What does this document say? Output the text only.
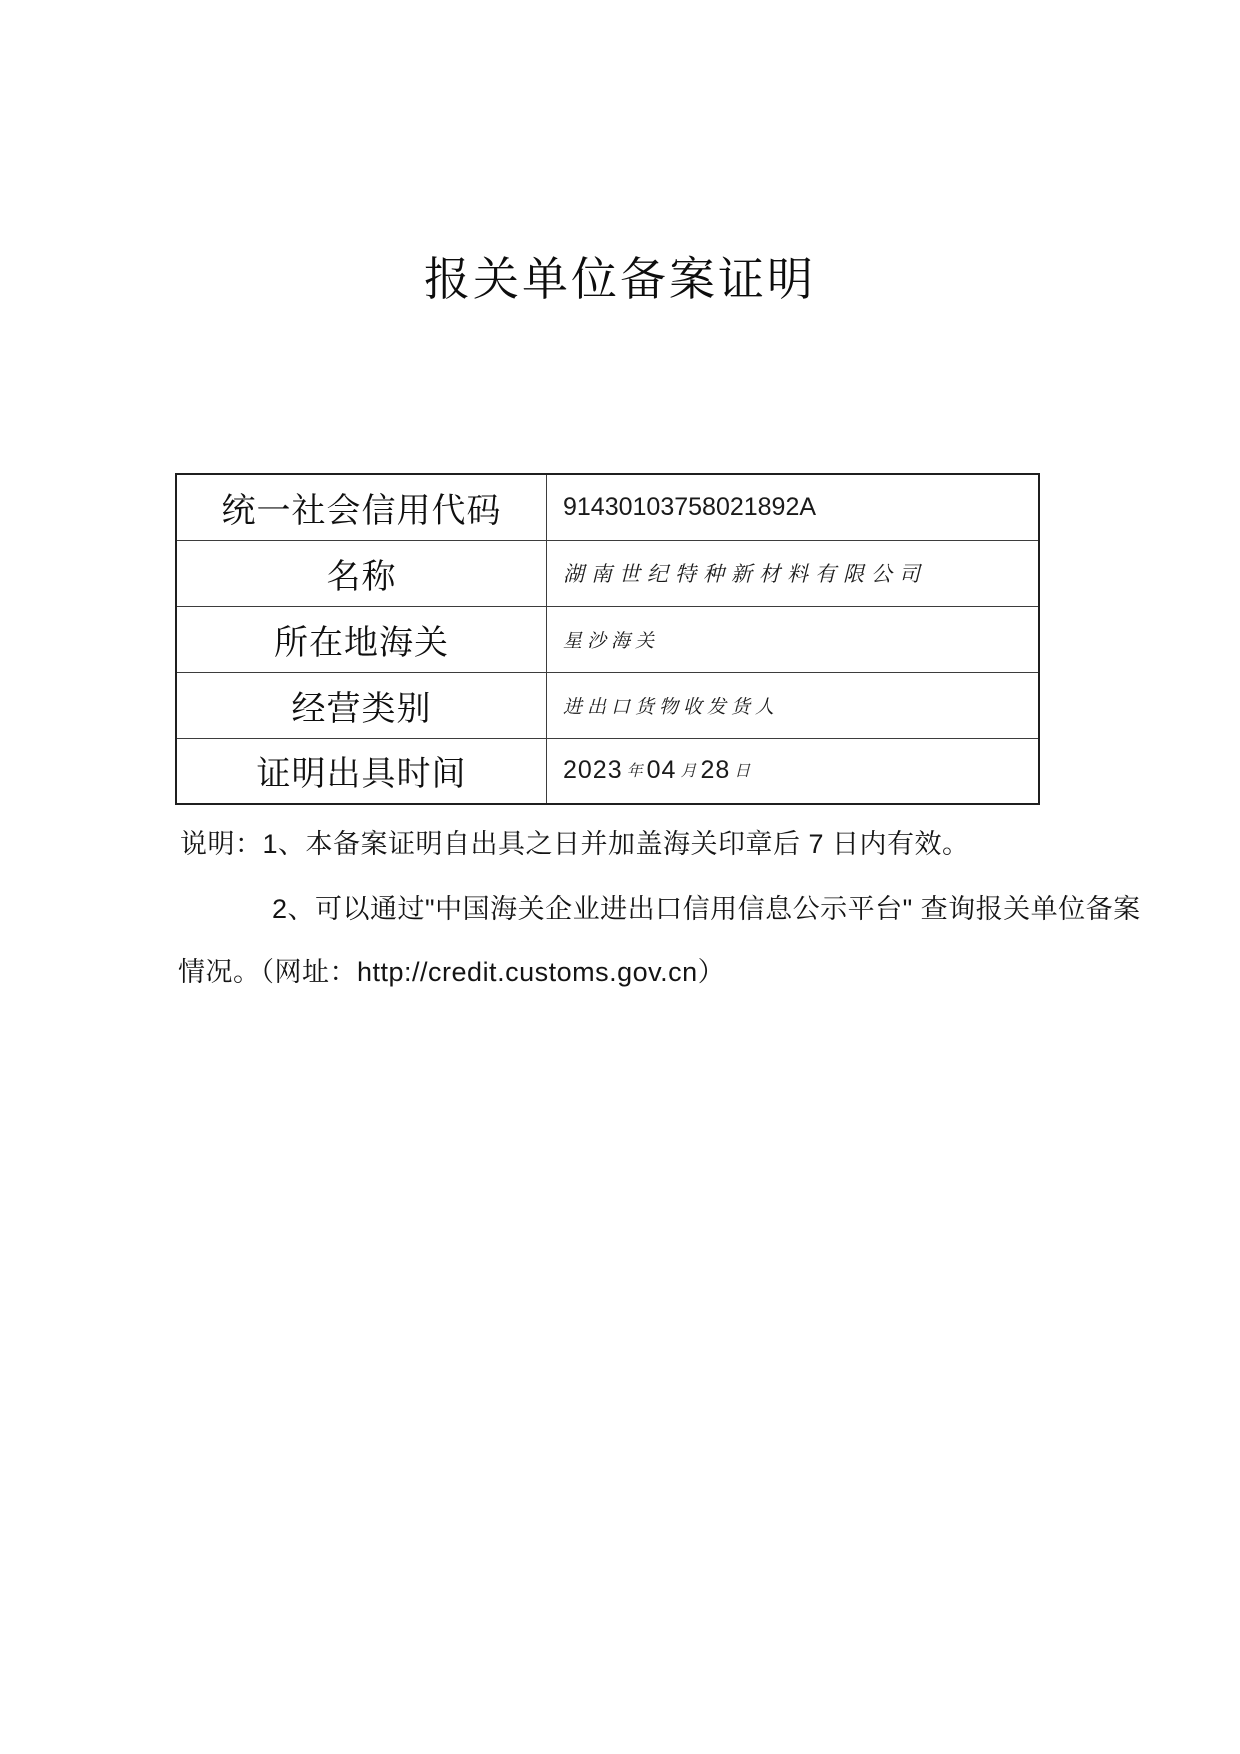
报关单位备案证明
统一社会信用代码	91430103758021892A
名称	湖南世纪特种新材料有限公司
所在地海关	星沙海关
经营类别	进出口货物收发货人
证明出具时间	2023 年 04 月 28 日

说明：1、本备案证明自出具之日并加盖海关印章后 7 日内有效。

2、可以通过"中国海关企业进出口信用信息公示平台" 查询报关单位备案

情况。（网址：http://credit.customs.gov.cn）
